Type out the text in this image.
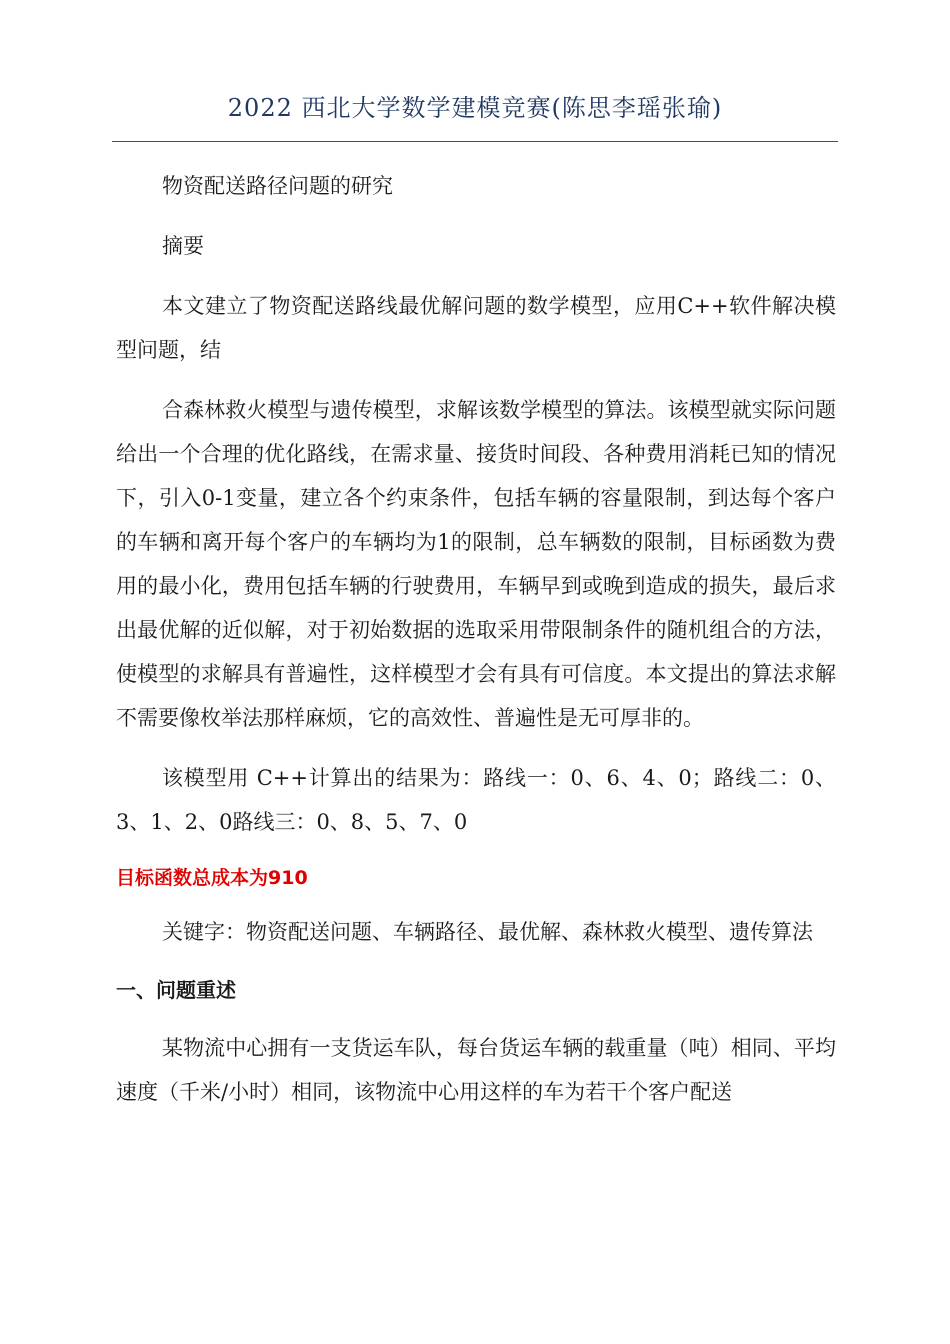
2022 西北大学数学建模竞赛(陈思李瑶张瑜)

物资配送路径问题的研究

摘要

本文建立了物资配送路线最优解问题的数学模型，应用C++软件解决模型问题，结

合森林救火模型与遗传模型，求解该数学模型的算法。该模型就实际问题给出一个合理的优化路线，在需求量、接货时间段、各种费用消耗已知的情况下，引入0-1变量，建立各个约束条件，包括车辆的容量限制，到达每个客户的车辆和离开每个客户的车辆均为1的限制，总车辆数的限制，目标函数为费用的最小化，费用包括车辆的行驶费用，车辆早到或晚到造成的损失，最后求出最优解的近似解，对于初始数据的选取采用带限制条件的随机组合的方法，使模型的求解具有普遍性，这样模型才会有具有可信度。本文提出的算法求解不需要像枚举法那样麻烦，它的高效性、普遍性是无可厚非的。

该模型用 C++计算出的结果为：路线一：0、6、4、0；路线二：0、3、1、2、0路线三：0、8、5、7、0

目标函数总成本为910

关键字：物资配送问题、车辆路径、最优解、森林救火模型、遗传算法

一、问题重述

某物流中心拥有一支货运车队，每台货运车辆的载重量（吨）相同、平均速度（千米/小时）相同，该物流中心用这样的车为若干个客户配送
